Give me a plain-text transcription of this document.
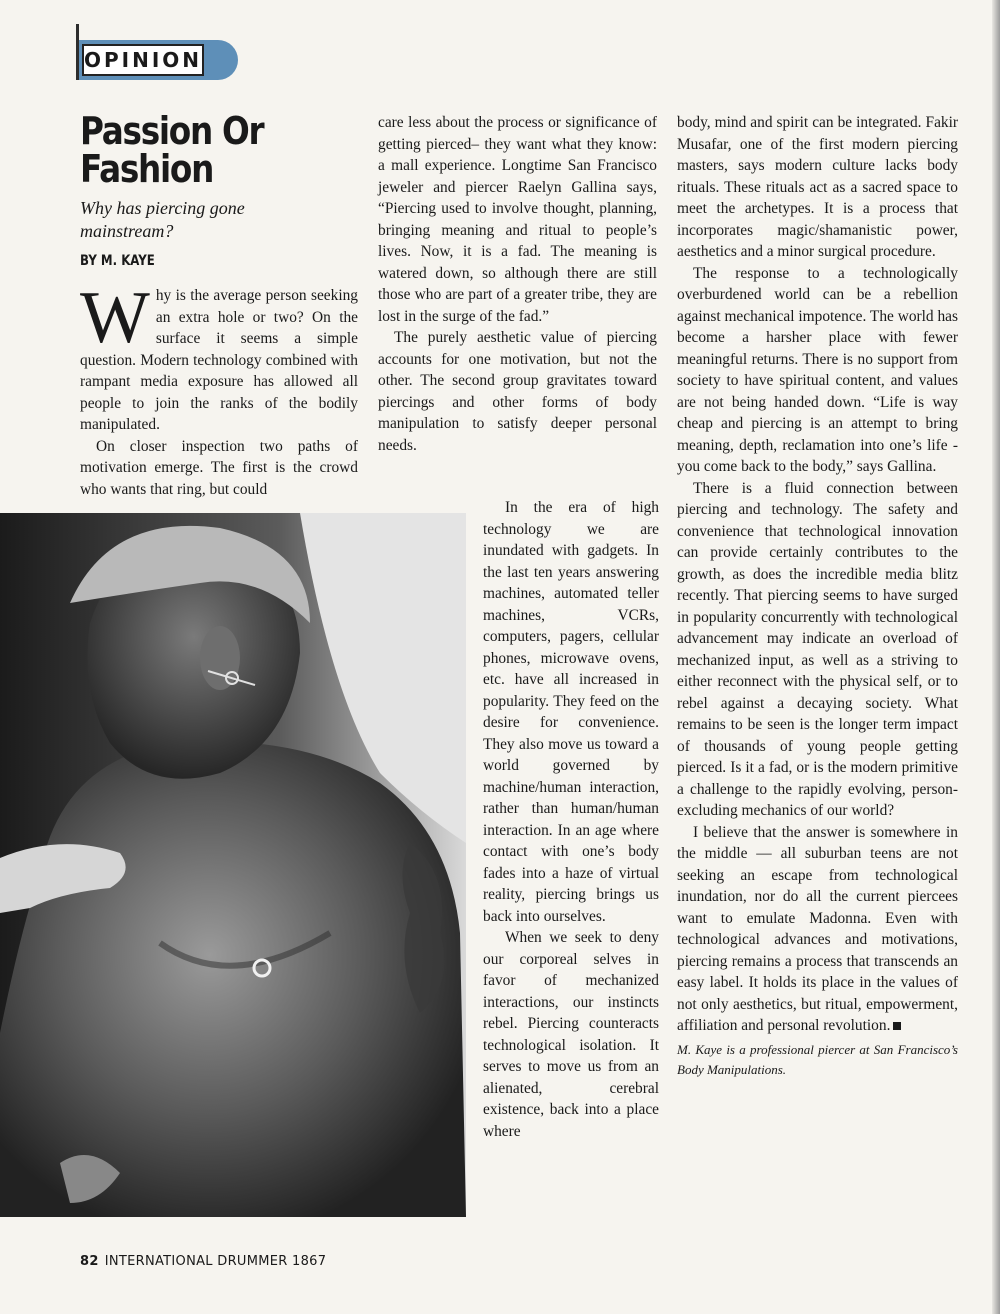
OPINION
Passion Or
Fashion
Why has piercing gone mainstream?
BY M. KAYE

Why is the average person seeking an extra hole or two? On the surface it seems a simple question. Modern technology combined with rampant media exposure has allowed all people to join the ranks of the bodily manipulated.

On closer inspection two paths of motivation emerge. The first is the crowd who wants that ring, but could

care less about the process or significance of getting pierced– they want what they know: a mall experience. Longtime San Francisco jeweler and piercer Raelyn Gallina says, “Piercing used to involve thought, planning, bringing meaning and ritual to people’s lives. Now, it is a fad. The meaning is watered down, so although there are still those who are part of a greater tribe, they are lost in the surge of the fad.”

The purely aesthetic value of piercing accounts for one motivation, but not the other. The second group gravitates toward piercings and other forms of body manipulation to satisfy deeper personal needs.

In the era of high technology we are inundated with gadgets. In the last ten years answering machines, automated teller machines, VCRs, computers, pagers, cellular phones, microwave ovens, etc. have all increased in popularity. They feed on the desire for convenience. They also move us toward a world governed by machine/human interaction, rather than human/human interaction. In an age where contact with one’s body fades into a haze of virtual reality, piercing brings us back into ourselves.

When we seek to deny our corporeal selves in favor of mechanized interactions, our instincts rebel. Piercing counteracts technological isolation. It serves to move us from an alienated, cerebral existence, back into a place where

body, mind and spirit can be integrated. Fakir Musafar, one of the first modern piercing masters, says modern culture lacks body rituals. These rituals act as a sacred space to meet the archetypes. It is a process that incorporates magic/shamanistic power, aesthetics and a minor surgical procedure.

The response to a technologically overburdened world can be a rebellion against mechanical impotence. The world has become a harsher place with fewer meaningful returns. There is no support from society to have spiritual content, and values are not being handed down. “Life is way cheap and piercing is an attempt to bring meaning, depth, reclamation into one’s life - you come back to the body,” says Gallina.

There is a fluid connection between piercing and technology. The safety and convenience that technological innovation can provide certainly contributes to the growth, as does the incredible media blitz recently. That piercing seems to have surged in popularity concurrently with technological advancement may indicate an overload of mechanized input, as well as a striving to either reconnect with the physical self, or to rebel against a decaying society. What remains to be seen is the longer term impact of thousands of young people getting pierced. Is it a fad, or is the modern primitive a challenge to the rapidly evolving, person-excluding mechanics of our world?

I believe that the answer is somewhere in the middle — all suburban teens are not seeking an escape from technological inundation, nor do all the current piercees want to emulate Madonna. Even with technological advances and motivations, piercing remains a process that transcends an easy label. It holds its place in the values of not only aesthetics, but ritual, empowerment, affiliation and personal revolution.

M. Kaye is a professional piercer at San Francisco’s Body Manipulations.

82 INTERNATIONAL DRUMMER 1867
